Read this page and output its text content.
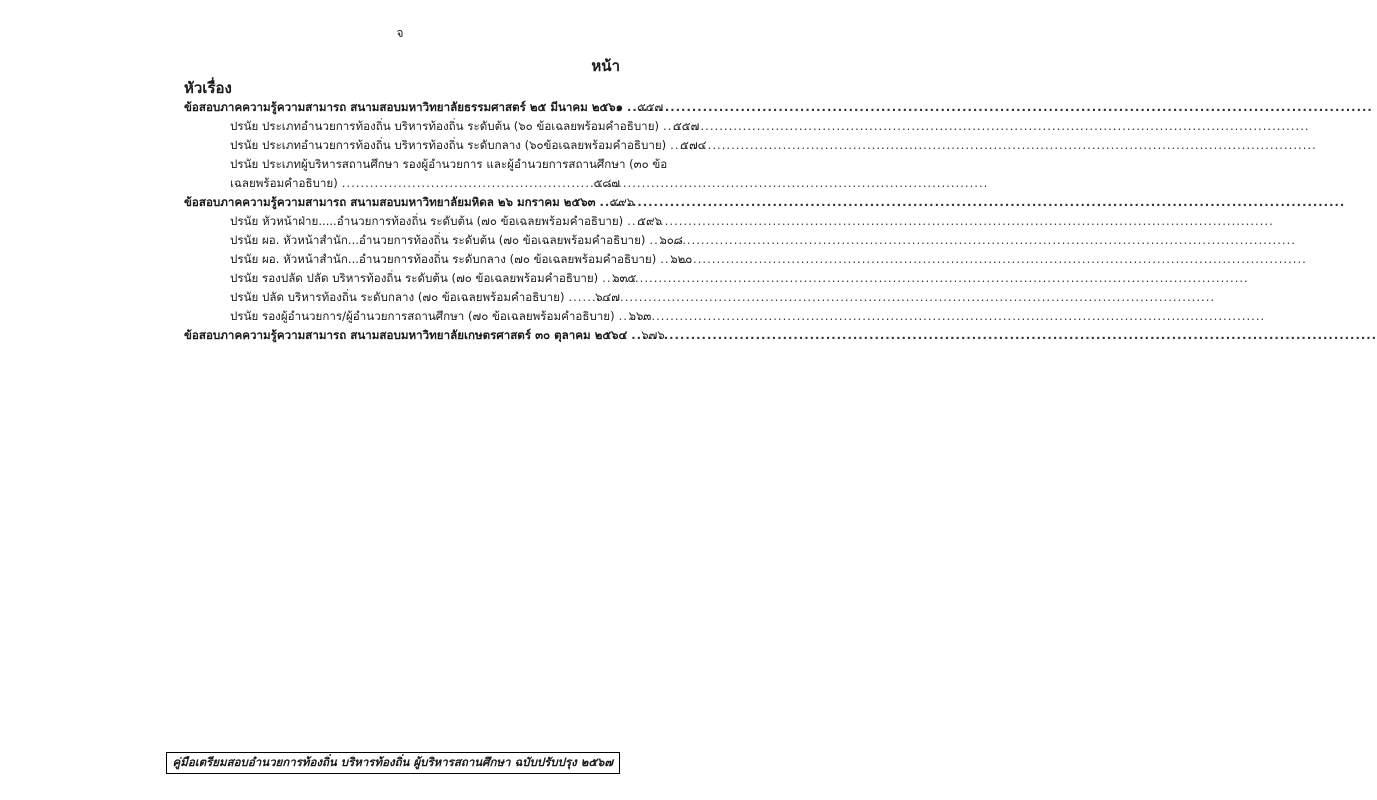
จ
หน้า
หัวเรื่อง
ข้อสอบภาคความรู้ความสามารถ สนามสอบมหาวิทยาลัยธรรมศาสตร์ ๒๕ มีนาคม ๒๕๖๑ ..... ๕๕๗
ปรนัย ประเภทอำนวยการท้องถิ่น บริหารท้องถิ่น ระดับต้น (๖๐ ข้อเฉลยพร้อมคำอธิบาย) ..... ๕๕๗
ปรนัย ประเภทอำนวยการท้องถิ่น บริหารท้องถิ่น ระดับกลาง (๖๐ข้อเฉลยพร้อมคำอธิบาย) ..... ๕๗๔
ปรนัย ประเภทผู้บริหารสถานศึกษา รองผู้อำนวยการ และผู้อำนวยการสถานศึกษา (๓๐ ข้อ
เฉลยพร้อมคำอธิบาย) .....	๕๘๗
ข้อสอบภาคความรู้ความสามารถ สนามสอบมหาวิทยาลัยมหิดล ๒๖ มกราคม ๒๕๖๓ ..... ๕๙๖
ปรนัย หัวหน้าฝ่าย.....อำนวยการท้องถิ่น ระดับต้น (๗๐ ข้อเฉลยพร้อมคำอธิบาย) ..... ๕๙๖
ปรนัย ผอ. หัวหน้าสำนัก...อำนวยการท้องถิ่น ระดับต้น (๗๐ ข้อเฉลยพร้อมคำอธิบาย) ..... ๖๐๘
ปรนัย ผอ. หัวหน้าสำนัก...อำนวยการท้องถิ่น ระดับกลาง (๗๐ ข้อเฉลยพร้อมคำอธิบาย) ..... ๖๒๐
ปรนัย รองปลัด ปลัด บริหารท้องถิ่น ระดับต้น (๗๐ ข้อเฉลยพร้อมคำอธิบาย) ..... ๖๓๕
ปรนัย ปลัด บริหารท้องถิ่น ระดับกลาง (๗๐ ข้อเฉลยพร้อมคำอธิบาย) .....	๖๔๗
ปรนัย รองผู้อำนวยการ/ผู้อำนวยการสถานศึกษา (๗๐ ข้อเฉลยพร้อมคำอธิบาย) ..... ๖๖๓
ข้อสอบภาคความรู้ความสามารถ สนามสอบมหาวิทยาลัยเกษตรศาสตร์ ๓๐ ตุลาคม ๒๕๖๔ ..... ๖๗๖
คู่มือเตรียมสอบอำนวยการท้องถิ่น บริหารท้องถิ่น ผู้บริหารสถานศึกษา ฉบับปรับปรุง ๒๕๖๗
